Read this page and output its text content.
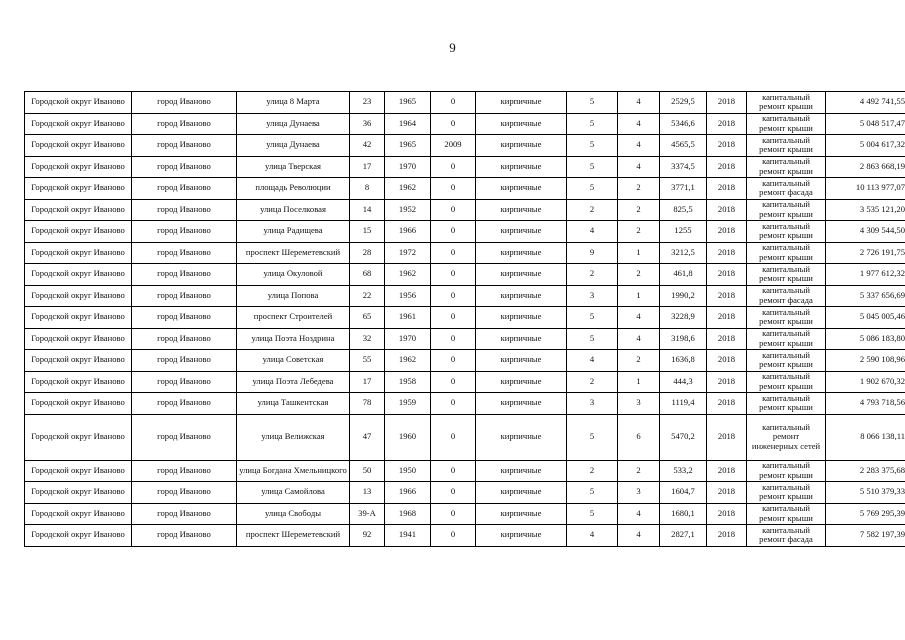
9
Городской округ Иваново	город Иваново	улица 8 Марта	23	1965	0	кирпичные	5	4	2529,5	2018	капитальный ремонт крыши	4 492 741,55
Городской округ Иваново	город Иваново	улица Дунаева	36	1964	0	кирпичные	5	4	5346,6	2018	капитальный ремонт крыши	5 048 517,47
Городской округ Иваново	город Иваново	улица Дунаева	42	1965	2009	кирпичные	5	4	4565,5	2018	капитальный ремонт крыши	5 004 617,32
Городской округ Иваново	город Иваново	улица Тверская	17	1970	0	кирпичные	5	4	3374,5	2018	капитальный ремонт крыши	2 863 668,19
Городской округ Иваново	город Иваново	площадь Революции	8	1962	0	кирпичные	5	2	3771,1	2018	капитальный ремонт фасада	10 113 977,07
Городской округ Иваново	город Иваново	улица Поселковая	14	1952	0	кирпичные	2	2	825,5	2018	капитальный ремонт крыши	3 535 121,20
Городской округ Иваново	город Иваново	улица Радищева	15	1966	0	кирпичные	4	2	1255	2018	капитальный ремонт крыши	4 309 544,50
Городской округ Иваново	город Иваново	проспект Шереметевский	28	1972	0	кирпичные	9	1	3212,5	2018	капитальный ремонт крыши	2 726 191,75
Городской округ Иваново	город Иваново	улица Окуловой	68	1962	0	кирпичные	2	2	461,8	2018	капитальный ремонт крыши	1 977 612,32
Городской округ Иваново	город Иваново	улица Попова	22	1956	0	кирпичные	3	1	1990,2	2018	капитальный ремонт фасада	5 337 656,69
Городской округ Иваново	город Иваново	проспект Строителей	65	1961	0	кирпичные	5	4	3228,9	2018	капитальный ремонт крыши	5 045 005,46
Городской округ Иваново	город Иваново	улица Поэта Ноздрина	32	1970	0	кирпичные	5	4	3198,6	2018	капитальный ремонт крыши	5 086 183,80
Городской округ Иваново	город Иваново	улица Советская	55	1962	0	кирпичные	4	2	1636,8	2018	капитальный ремонт крыши	2 590 108,96
Городской округ Иваново	город Иваново	улица Поэта Лебедева	17	1958	0	кирпичные	2	1	444,3	2018	капитальный ремонт крыши	1 902 670,32
Городской округ Иваново	город Иваново	улица Ташкентская	78	1959	0	кирпичные	3	3	1119,4	2018	капитальный ремонт крыши	4 793 718,56
Городской округ Иваново	город Иваново	улица Велижская	47	1960	0	кирпичные	5	6	5470,2	2018	капитальный ремонт инженерных сетей	8 066 138,11
Городской округ Иваново	город Иваново	улица Богдана Хмельницкого	50	1950	0	кирпичные	2	2	533,2	2018	капитальный ремонт крыши	2 283 375,68
Городской округ Иваново	город Иваново	улица Самойлова	13	1966	0	кирпичные	5	3	1604,7	2018	капитальный ремонт крыши	5 510 379,33
Городской округ Иваново	город Иваново	улица Свободы	39-А	1968	0	кирпичные	5	4	1680,1	2018	капитальный ремонт крыши	5 769 295,39
Городской округ Иваново	город Иваново	проспект Шереметевский	92	1941	0	кирпичные	4	4	2827,1	2018	капитальный ремонт фасада	7 582 197,39
